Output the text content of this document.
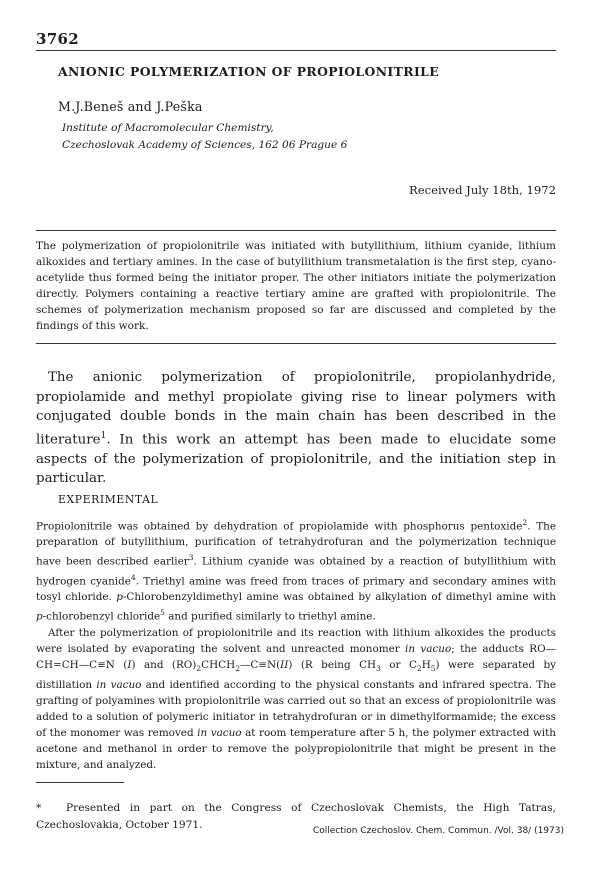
3762
ANIONIC POLYMERIZATION OF PROPIOLONITRILE
M.J.Beneš and J.Peška
Institute of Macromolecular Chemistry,
Czechoslovak Academy of Sciences, 162 06 Prague 6
Received July 18th, 1972
The polymerization of propiolonitrile was initiated with butyllithium, lithium cyanide, lithium alkoxides and tertiary amines. In the case of butyllithium transmetalation is the first step, cyano-acetylide thus formed being the initiator proper. The other initiators initiate the polymerization directly. Polymers containing a reactive tertiary amine are grafted with propiolonitrile. The schemes of polymerization mechanism proposed so far are discussed and completed by the findings of this work.
The anionic polymerization of propiolonitrile, propiolanhydride, propiolamide and methyl propiolate giving rise to linear polymers with conjugated double bonds in the main chain has been described in the literature$^1$. In this work an attempt has been made to elucidate some aspects of the polymerization of propiolonitrile, and the initiation step in particular.
EXPERIMENTAL

Propiolonitrile was obtained by dehydration of propiolamide with phosphorus pentoxide$^2$. The preparation of butyllithium, purification of tetrahydrofuran and the polymerization technique have been described earlier$^3$. Lithium cyanide was obtained by a reaction of butyllithium with hydrogen cyanide$^4$. Triethyl amine was freed from traces of primary and secondary amines with tosyl chloride. p-Chlorobenzyldimethyl amine was obtained by alkylation of dimethyl amine with p-chlorobenzyl chloride$^5$ and purified similarly to triethyl amine.

After the polymerization of propiolonitrile and its reaction with lithium alkoxides the products were isolated by evaporating the solvent and unreacted monomer in vacuo; the adducts RO—CH=CH—C≡N (I) and $(RO)_2CHCH_2—C\equiv N(II)$ (R being $CH_3$ or $C_2H_5$) were separated by distillation in vacuo and identified according to the physical constants and infrared spectra. The grafting of polyamines with propiolonitrile was carried out so that an excess of propiolonitrile was added to a solution of polymeric initiator in tetrahydrofuran or in dimethylformamide; the excess of the monomer was removed in vacuo at room temperature after 5 h, the polymer extracted with acetone and methanol in order to remove the polypropiolonitrile that might be present in the mixture, and analyzed.

* Presented in part on the Congress of Czechoslovak Chemists, the High Tatras, Czechoslovakia, October 1971.	Collection Czechoslov. Chem. Commun. /Vol. 38/ (1973)
